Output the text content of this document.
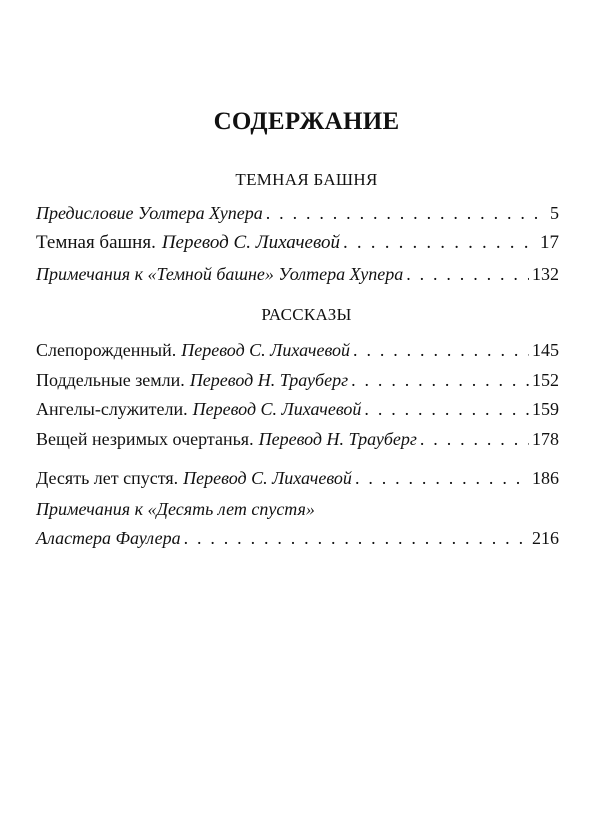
СОДЕРЖАНИЕ
ТЕМНАЯ БАШНЯ
Предисловие Уолтера Хупера . . .	5
Темная башня. Перевод С. Лихачевой . . .	17
Примечания к «Темной башне» Уолтера Хупера . . .	132
РАССКАЗЫ
Слепорожденный. Перевод С. Лихачевой . . .	145
Поддельные земли. Перевод Н. Трауберг . . .	152
Ангелы-служители. Перевод С. Лихачевой . . .	159
Вещей незримых очертанья. Перевод Н. Трауберг . . .	178
Десять лет спустя. Перевод С. Лихачевой . . .	186
Примечания к «Десять лет спустя»
Аластера Фаулера . . .	216
